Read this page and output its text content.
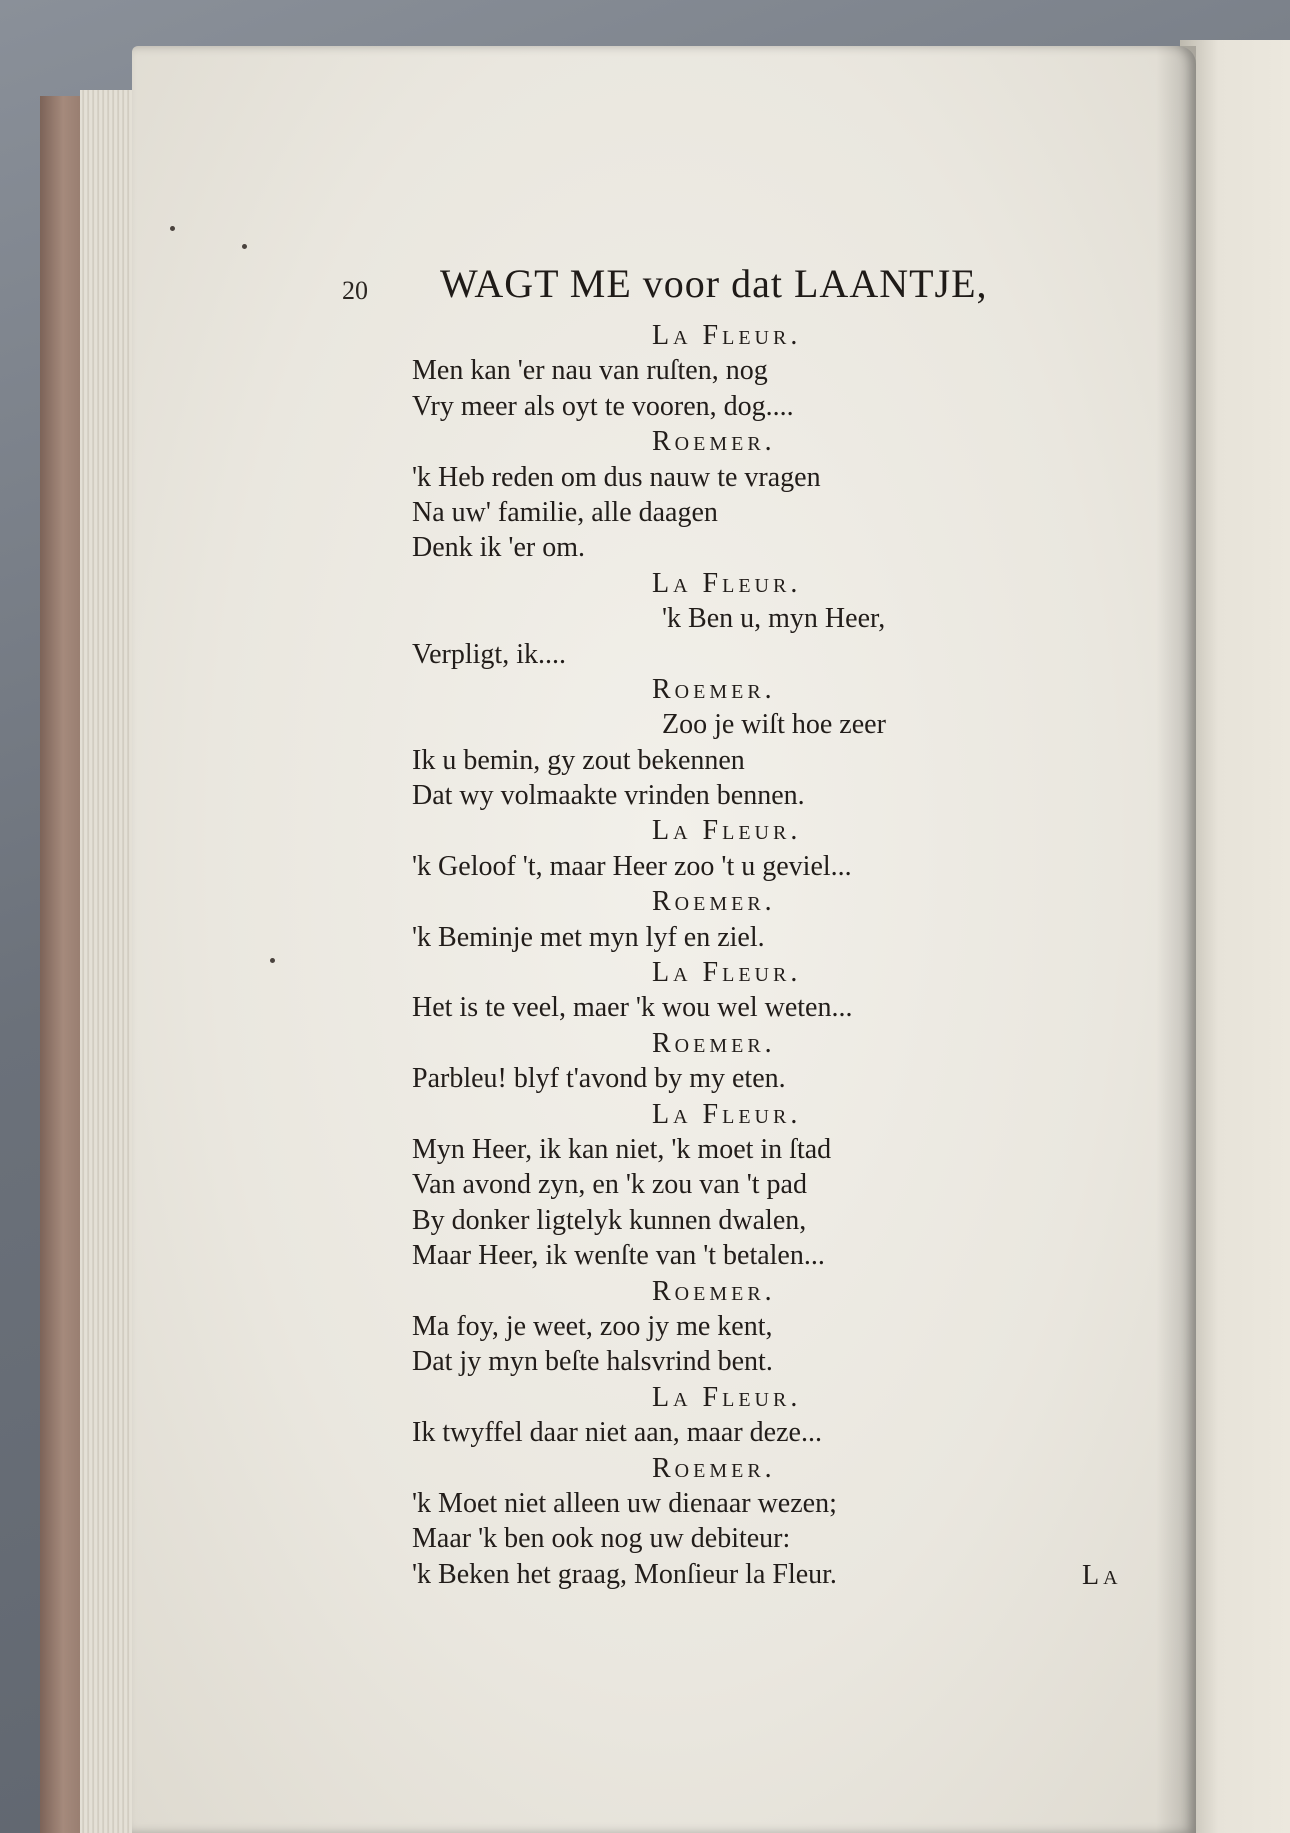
20 WAGT ME voor dat LAANTJE,
La Fleur.
Men kan 'er nau van ruſten, nog
Vry meer als oyt te vooren, dog....
Roemer.
'k Heb reden om dus nauw te vragen
Na uw' familie, alle daagen
Denk ik 'er om.
La Fleur.
'k Ben u, myn Heer,
Verpligt, ik....
Roemer.
Zoo je wiſt hoe zeer
Ik u bemin, gy zout bekennen
Dat wy volmaakte vrinden bennen.
La Fleur.
'k Geloof 't, maar Heer zoo 't u geviel...
Roemer.
'k Beminje met myn lyf en ziel.
La Fleur.
Het is te veel, maer 'k wou wel weten...
Roemer.
Parbleu! blyf t'avond by my eten.
La Fleur.
Myn Heer, ik kan niet, 'k moet in ſtad
Van avond zyn, en 'k zou van 't pad
By donker ligtelyk kunnen dwalen,
Maar Heer, ik wenſte van 't betalen...
Roemer.
Ma foy, je weet, zoo jy me kent,
Dat jy myn beſte halsvrind bent.
La Fleur.
Ik twyffel daar niet aan, maar deze...
Roemer.
'k Moet niet alleen uw dienaar wezen;
Maar 'k ben ook nog uw debiteur:
'k Beken het graag, Monſieur la Fleur.	La
